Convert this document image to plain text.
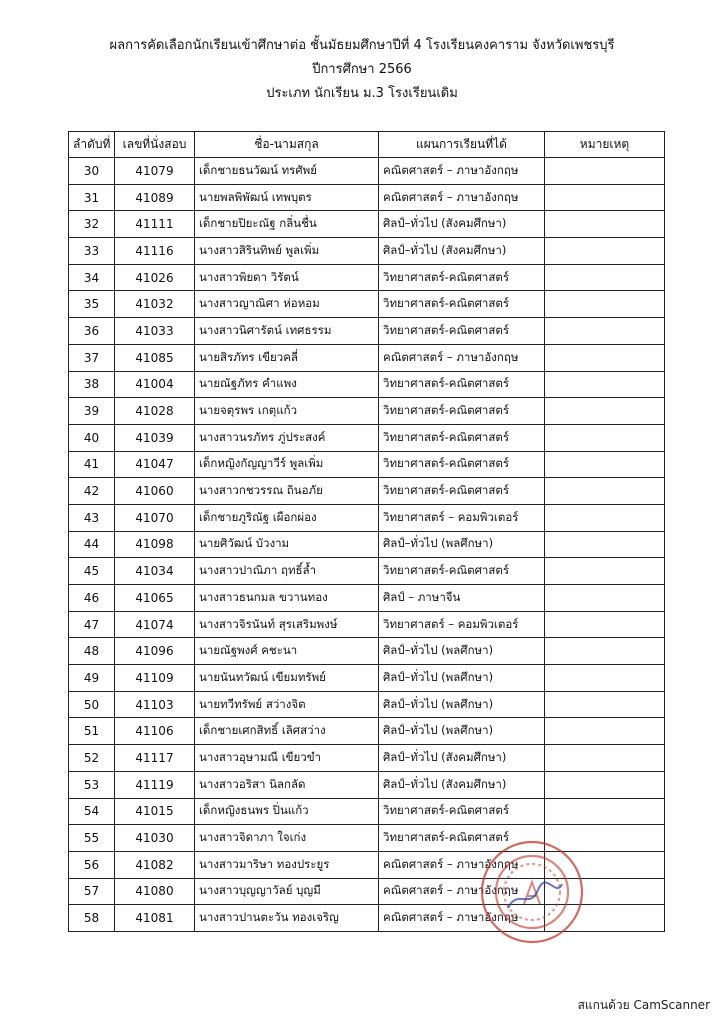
ผลการคัดเลือกนักเรียนเข้าศึกษาต่อ ชั้นมัธยมศึกษาปีที่ 4 โรงเรียนคงคาราม จังหวัดเพชรบุรี
ปีการศึกษา 2566
ประเภท นักเรียน ม.3 โรงเรียนเดิม
ลำดับที่	เลขที่นั่งสอบ	ชื่อ-นามสกุล	แผนการเรียนที่ได้	หมายเหตุ
30	41079	เด็กชายธนวัฒน์ ทรศัพย์	คณิตศาสตร์ – ภาษาอังกฤษ	
31	41089	นายพลพิพัฒน์ เทพบุตร	คณิตศาสตร์ – ภาษาอังกฤษ	
32	41111	เด็กชายปิยะณัฐ กลิ่นชื่น	ศิลป์–ทั่วไป (สังคมศึกษา)	
33	41116	นางสาวสิรินทิพย์ พูลเพิ่ม	ศิลป์–ทั่วไป (สังคมศึกษา)	
34	41026	นางสาวพิยดา วิรัตน์	วิทยาศาสตร์-คณิตศาสตร์	
35	41032	นางสาวญาณิศา ห่อหอม	วิทยาศาสตร์-คณิตศาสตร์	
36	41033	นางสาวนิศารัตน์ เทศธรรม	วิทยาศาสตร์-คณิตศาสตร์	
37	41085	นายสิรภัทร เขียวคลี่	คณิตศาสตร์ – ภาษาอังกฤษ	
38	41004	นายณัฐภัทร คำแพง	วิทยาศาสตร์-คณิตศาสตร์	
39	41028	นายจตุรพร เกตุแก้ว	วิทยาศาสตร์-คณิตศาสตร์	
40	41039	นางสาวนรภัทร ภู่ประสงค์	วิทยาศาสตร์-คณิตศาสตร์	
41	41047	เด็กหญิงกัญญาวีร์ พูลเพิ่ม	วิทยาศาสตร์-คณิตศาสตร์	
42	41060	นางสาวกชวรรณ ถินอภัย	วิทยาศาสตร์-คณิตศาสตร์	
43	41070	เด็กชายภูริณัฐ เผือกผ่อง	วิทยาศาสตร์ – คอมพิวเตอร์	
44	41098	นายศิวัฒน์ บัวงาม	ศิลป์–ทั่วไป (พลศึกษา)	
45	41034	นางสาวปาณิภา ฤทธิ์ล้ำ	วิทยาศาสตร์-คณิตศาสตร์	
46	41065	นางสาวธนกมล ขวานทอง	ศิลป์ – ภาษาจีน	
47	41074	นางสาวจิรนันท์ สุรเสริมพงษ์	วิทยาศาสตร์ – คอมพิวเตอร์	
48	41096	นายณัฐพงศ์ คชะนา	ศิลป์–ทั่วไป (พลศึกษา)	
49	41109	นายนันทวัฒน์ เขียมทรัพย์	ศิลป์–ทั่วไป (พลศึกษา)	
50	41103	นายทวีทรัพย์ สว่างจิต	ศิลป์–ทั่วไป (พลศึกษา)	
51	41106	เด็กชายเศกสิทธิ์ เลิศสว่าง	ศิลป์–ทั่วไป (พลศึกษา)	
52	41117	นางสาวอุษามณี เขียวขำ	ศิลป์–ทั่วไป (สังคมศึกษา)	
53	41119	นางสาวอริสา นิลกลัด	ศิลป์–ทั่วไป (สังคมศึกษา)	
54	41015	เด็กหญิงธนพร ปิ่นแก้ว	วิทยาศาสตร์-คณิตศาสตร์	
55	41030	นางสาวจิดาภา ใจเก่ง	วิทยาศาสตร์-คณิตศาสตร์	
56	41082	นางสาวมาริษา ทองประยูร	คณิตศาสตร์ – ภาษาอังกฤษ	
57	41080	นางสาวบุญญาวัลย์ บุญมี	คณิตศาสตร์ – ภาษาอังกฤษ	
58	41081	นางสาวปานตะวัน ทองเจริญ	คณิตศาสตร์ – ภาษาอังกฤษ	
สแกนด้วย CamScanner
